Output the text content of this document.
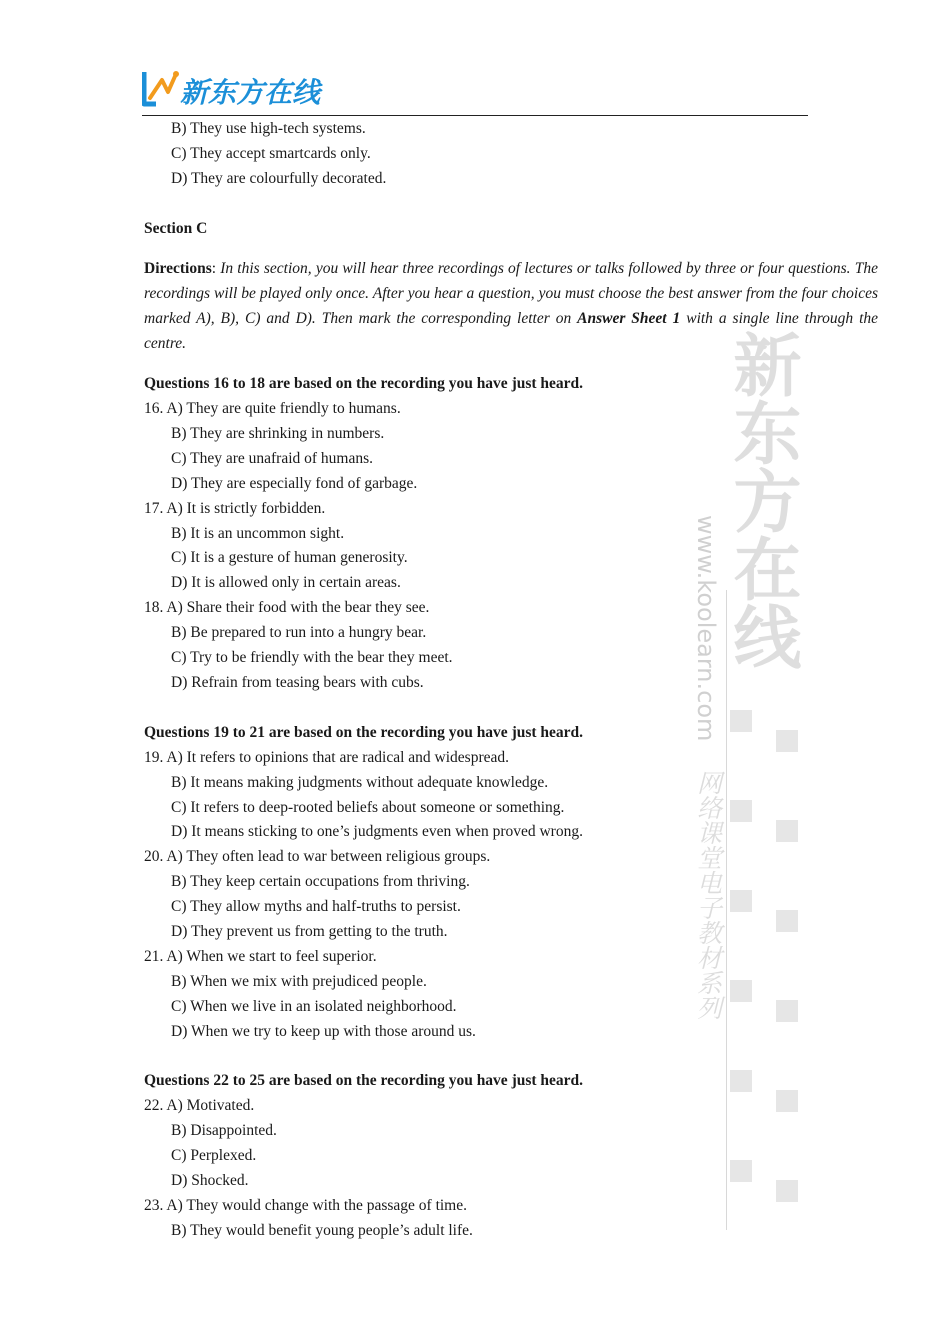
新东方在线
新东方在线
www.koolearn.com
网络课堂电子教材系列

B) They use high-tech systems.

C) They accept smartcards only.

D) They are colourfully decorated.

Section C

Directions: In this section, you will hear three recordings of lectures or talks followed by three or four questions. The recordings will be played only once. After you hear a question, you must choose the best answer from the four choices marked A), B), C) and D). Then mark the corresponding letter on Answer Sheet 1 with a single line through the centre.

Questions 16 to 18 are based on the recording you have just heard.

16. A) They are quite friendly to humans.

B) They are shrinking in numbers.

C) They are unafraid of humans.

D) They are especially fond of garbage.

17. A) It is strictly forbidden.

B) It is an uncommon sight.

C) It is a gesture of human generosity.

D) It is allowed only in certain areas.

18. A) Share their food with the bear they see.

B) Be prepared to run into a hungry bear.

C) Try to be friendly with the bear they meet.

D) Refrain from teasing bears with cubs.

Questions 19 to 21 are based on the recording you have just heard.

19. A) It refers to opinions that are radical and widespread.

B) It means making judgments without adequate knowledge.

C) It refers to deep-rooted beliefs about someone or something.

D) It means sticking to one’s judgments even when proved wrong.

20. A) They often lead to war between religious groups.

B) They keep certain occupations from thriving.

C) They allow myths and half-truths to persist.

D) They prevent us from getting to the truth.

21. A) When we start to feel superior.

B) When we mix with prejudiced people.

C) When we live in an isolated neighborhood.

D) When we try to keep up with those around us.

Questions 22 to 25 are based on the recording you have just heard.

22. A) Motivated.

B) Disappointed.

C) Perplexed.

D) Shocked.

23. A) They would change with the passage of time.

B) They would benefit young people’s adult life.
